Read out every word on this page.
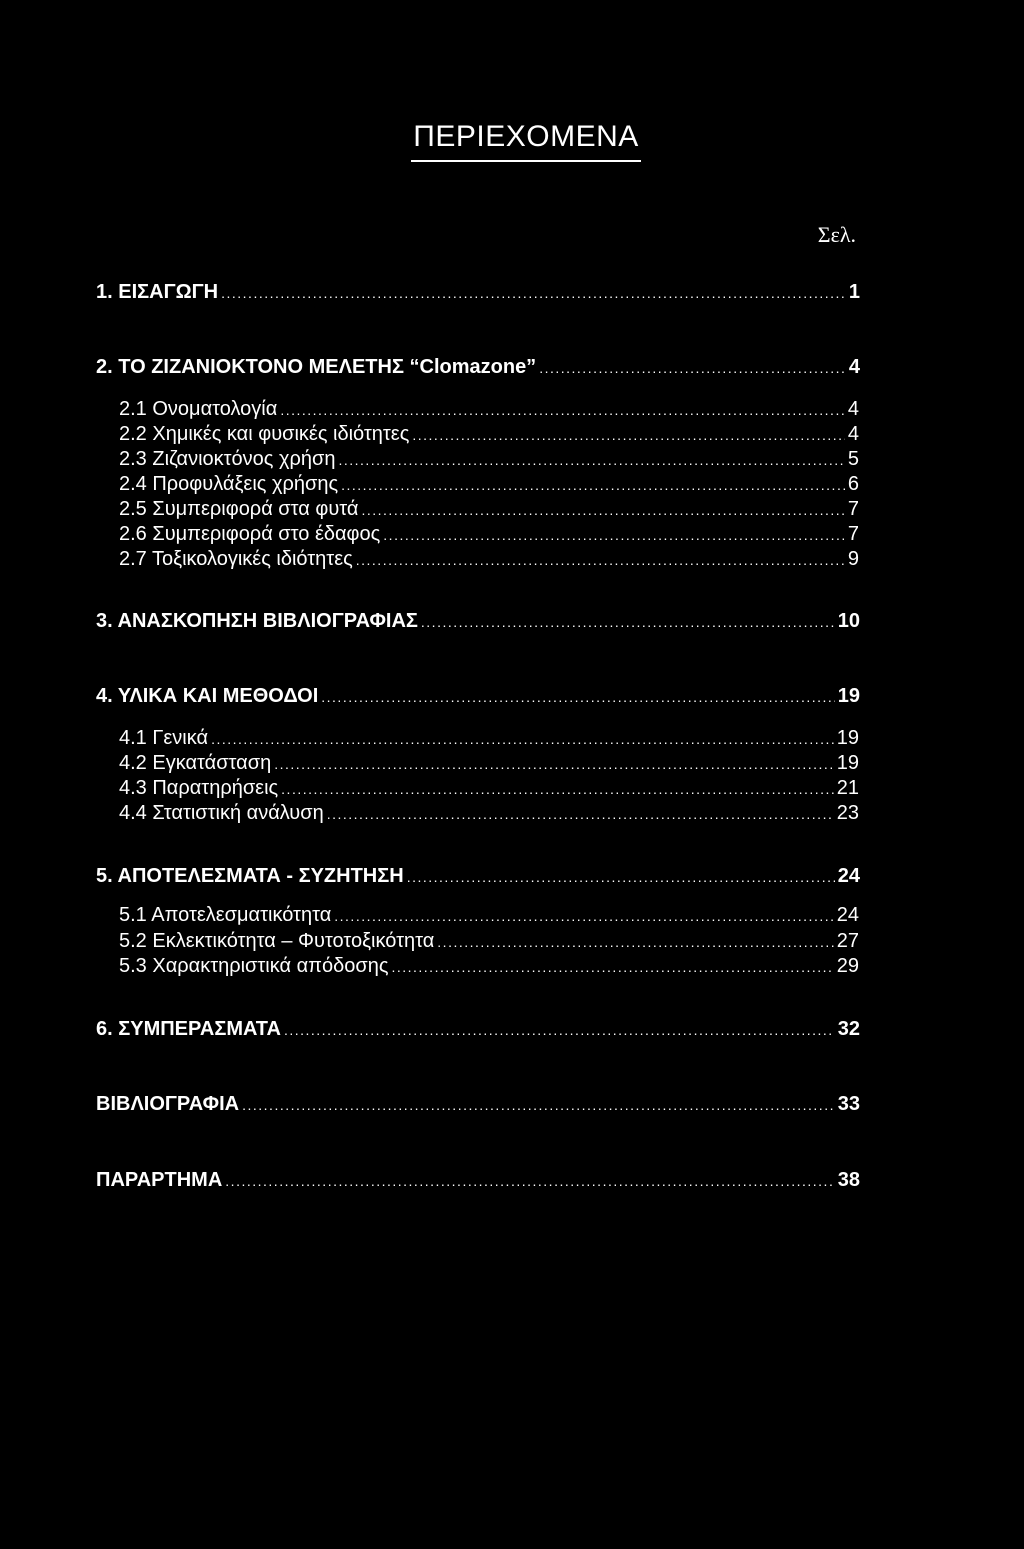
ΠΕΡΙΕΧΟΜΕΝΑ
Σελ.
1. ΕΙΣΑΓΩΓΗ .....	1
2. ΤΟ ΖΙΖΑΝΙΟΚΤΟΝΟ ΜΕΛΕΤΗΣ “Clomazone” .....	4
2.1 Ονοματολογία .....	4
2.2 Χημικές και φυσικές ιδιότητες .....	4
2.3 Ζιζανιοκτόνος χρήση .....	5
2.4 Προφυλάξεις χρήσης .....	6
2.5 Συμπεριφορά στα φυτά .....	7
2.6 Συμπεριφορά στο έδαφος .....	7
2.7 Τοξικολογικές ιδιότητες .....	9
3. ΑΝΑΣΚΟΠΗΣΗ ΒΙΒΛΙΟΓΡΑΦΙΑΣ .....	10
4. ΥΛΙΚΑ ΚΑΙ ΜΕΘΟΔΟΙ .....	19
4.1 Γενικά .....	19
4.2 Εγκατάσταση .....	19
4.3 Παρατηρήσεις .....	21
4.4 Στατιστική ανάλυση .....	23
5. ΑΠΟΤΕΛΕΣΜΑΤΑ - ΣΥΖΗΤΗΣΗ .....	24
5.1 Αποτελεσματικότητα .....	24
5.2 Εκλεκτικότητα – Φυτοτοξικότητα .....	27
5.3 Χαρακτηριστικά απόδοσης .....	29
6. ΣΥΜΠΕΡΑΣΜΑΤΑ .....	32
ΒΙΒΛΙΟΓΡΑΦΙΑ .....	33
ΠΑΡΑΡΤΗΜΑ .....	38
